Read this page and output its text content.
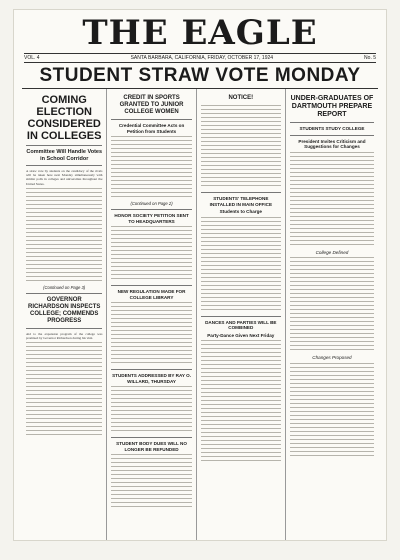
THE EAGLE
VOL. 4	SANTA BARBARA, CALIFORNIA, FRIDAY, OCTOBER 17, 1924	No. 5
STUDENT STRAW VOTE MONDAY
COMING ELECTION CONSIDERED IN COLLEGES
Committee Will Handle Votes in School Corridor
A straw vote by students on the candidacy of the rivals will be taken here next Monday simultaneously with similar polls in colleges and universities throughout the United States.
(Continued on Page 3)
GOVERNOR RICHARDSON INSPECTS COLLEGE; COMMENDS PROGRESS
Aid to the expansion program of the college was promised by Governor Richardson during his visit.
CREDIT IN SPORTS GRANTED TO JUNIOR COLLEGE WOMEN
Credential Committee Acts on Petition from Students
(Continued on Page 2)
HONOR SOCIETY PETITION SENT TO HEADQUARTERS
NEW REGULATION MADE FOR COLLEGE LIBRARY
STUDENTS ADDRESSED BY RAY O. WILLARD, THURSDAY
STUDENT BODY DUES WILL NO LONGER BE REFUNDED
NOTICE!
STUDENTS' TELEPHONE INSTALLED IN MAIN OFFICE
Students to Charge
DANCES AND PARTIES WILL BE COMBINED
Party-Dance Given Next Friday
UNDER-GRADUATES OF DARTMOUTH PREPARE REPORT
STUDENTS STUDY COLLEGE
President Invites Criticism and Suggestions for Changes
College Defined
Changes Proposed
